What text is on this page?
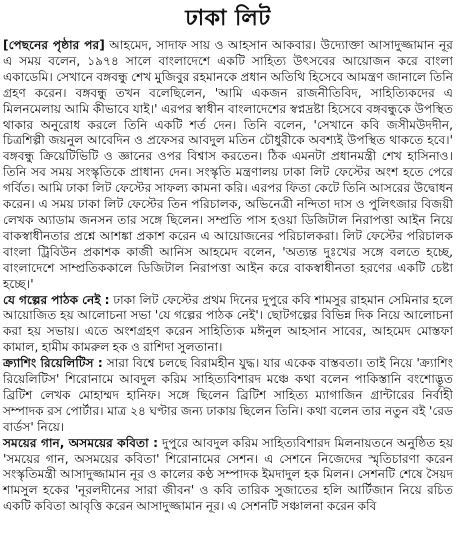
ঢাকা লিট

[পেছনের পৃষ্ঠার পর] আহমেদ, সাদাফ সায় ও আহসান আকবার। উদ্যোক্তা আসাদুজ্জামান নূর এ সময় বলেন, ১৯৭৪ সালে বাংলাদেশে একটি সাহিত্য উৎসবের আয়োজন করে বাংলা একাডেমি। সেখানে বঙ্গবন্ধু শেখ মুজিবুর রহমানকে প্রধান অতিথি হিসেবে আমন্ত্রণ জানালে তিনি গ্রহণ করেন। বঙ্গবন্ধু তখন বলেছিলেন, 'আমি একজন রাজনীতিবিদ, সাহিত্যিকদের এ মিলনমেলায় আমি কীভাবে যাই।' এরপর স্বাধীন বাংলাদেশের স্বপ্নদ্রষ্টা হিসেবে বঙ্গবন্ধুকে উপস্থিত থাকার অনুরোধ করলে তিনি একটি শর্ত দেন। তিনি বলেন, 'সেখানে কবি জসীমউদদীন, চিত্রশিল্পী জয়নুল আবেদিন ও প্রফেসর আবদুল মতিন চৌধুরীকে অবশ্যই উপস্থিত থাকতে হবে।' বঙ্গবন্ধু ক্রিয়েটিভিটি ও জ্ঞানের ওপর বিশ্বাস করতেন। ঠিক এমনটা প্রধানমন্ত্রী শেখ হাসিনাও। তিনি সব সময় সংস্কৃতিকে প্রাধান্য দেন। সংস্কৃতি মন্ত্রণালয় ঢাকা লিট ফেস্টের অংশ হতে পেরে গর্বিত। আমি ঢাকা লিট ফেস্টের সাফল্য কামনা করি। এরপর ফিতা কেটে তিনি আসরের উদ্বোধন করেন। এ সময় ঢাকা লিট ফেস্টের তিন পরিচালক, অভিনেত্রী নন্দিতা দাস ও পুলিৎজার বিজয়ী লেখক অ্যাডাম জনসন তার সঙ্গে ছিলেন। সম্প্রতি পাস হওয়া ডিজিটাল নিরাপত্তা আইন নিয়ে বাকস্বাধীনতার প্রশ্নে আশঙ্কা প্রকাশ করেন এ আয়োজনের পরিচালকরা। লিট ফেস্টের পরিচালক বাংলা ট্রিবিউন প্রকাশক কাজী আনিস আহমেদ বলেন, 'অত্যন্ত দুঃখের সঙ্গে বলতে হচ্ছে, বাংলাদেশে সাম্প্রতিককালে ডিজিটাল নিরাপত্তা আইন করে বাকস্বাধীনতা হরণের একটি চেষ্টা হচ্ছে।'

যে গল্পের পাঠক নেই : ঢাকা লিট ফেস্টের প্রথম দিনের দুপুরে কবি শামসুর রাহমান সেমিনার হলে আয়োজিত হয় আলোচনা সভা 'যে গল্পের পাঠক নেই'। ছোটগল্পের বিভিন্ন দিক নিয়ে আলোচনা করা হয় সভায়। এতে অংশগ্রহণ করেন সাহিত্যিক মঈনুল আহসান সাবের, আহমেদ মোস্তফা কামাল, হামীম কামরুল হক ও রাশিদা সুলতানা।

ক্র্যাশিং রিয়েলিটিস : সারা বিশ্বে চলছে বিরামহীন যুদ্ধ। যার একেক বাস্তবতা। তাই নিয়ে 'ক্র্যাশিং রিয়েলিটিস' শিরোনামে আবদুল করিম সাহিত্যবিশারদ মঞ্চে কথা বলেন পাকিস্তানি বংশোদ্ভূত ব্রিটিশ লেখক মোহাম্মদ হানিফ। সঙ্গে ছিলেন ব্রিটিশ সাহিত্য ম্যাগাজিন গ্রান্টারের নির্বাহী সম্পাদক রস পোর্টার। মাত্র ২৪ ঘণ্টার জন্য ঢাকায় ছিলেন তিনি। কথা বলেন তার নতুন বই 'রেড বার্ডস' নিয়ে।

সময়ের গান, অসময়ের কবিতা : দুপুরে আবদুল করিম সাহিত্যবিশারদ মিলনায়তনে অনুষ্ঠিত হয় 'সময়ের গান, অসময়ের কবিতা' শিরোনামের সেশন। এ সেশনে নিজেদের স্মৃতিচারণা করেন সংস্কৃতিমন্ত্রী আসাদুজ্জামান নূর ও কালের কণ্ঠ সম্পাদক ইমদাদুল হক মিলন। সেশনটি শেষে সৈয়দ শামসুল হকের 'নূরলদীনের সারা জীবন' ও কবি তারিক সুজাতের হলি আর্টিজান নিয়ে রচিত একটি কবিতা আবৃত্তি করেন আসাদুজ্জামান নূর। এ সেশনটি সঞ্চালনা করেন কবি
